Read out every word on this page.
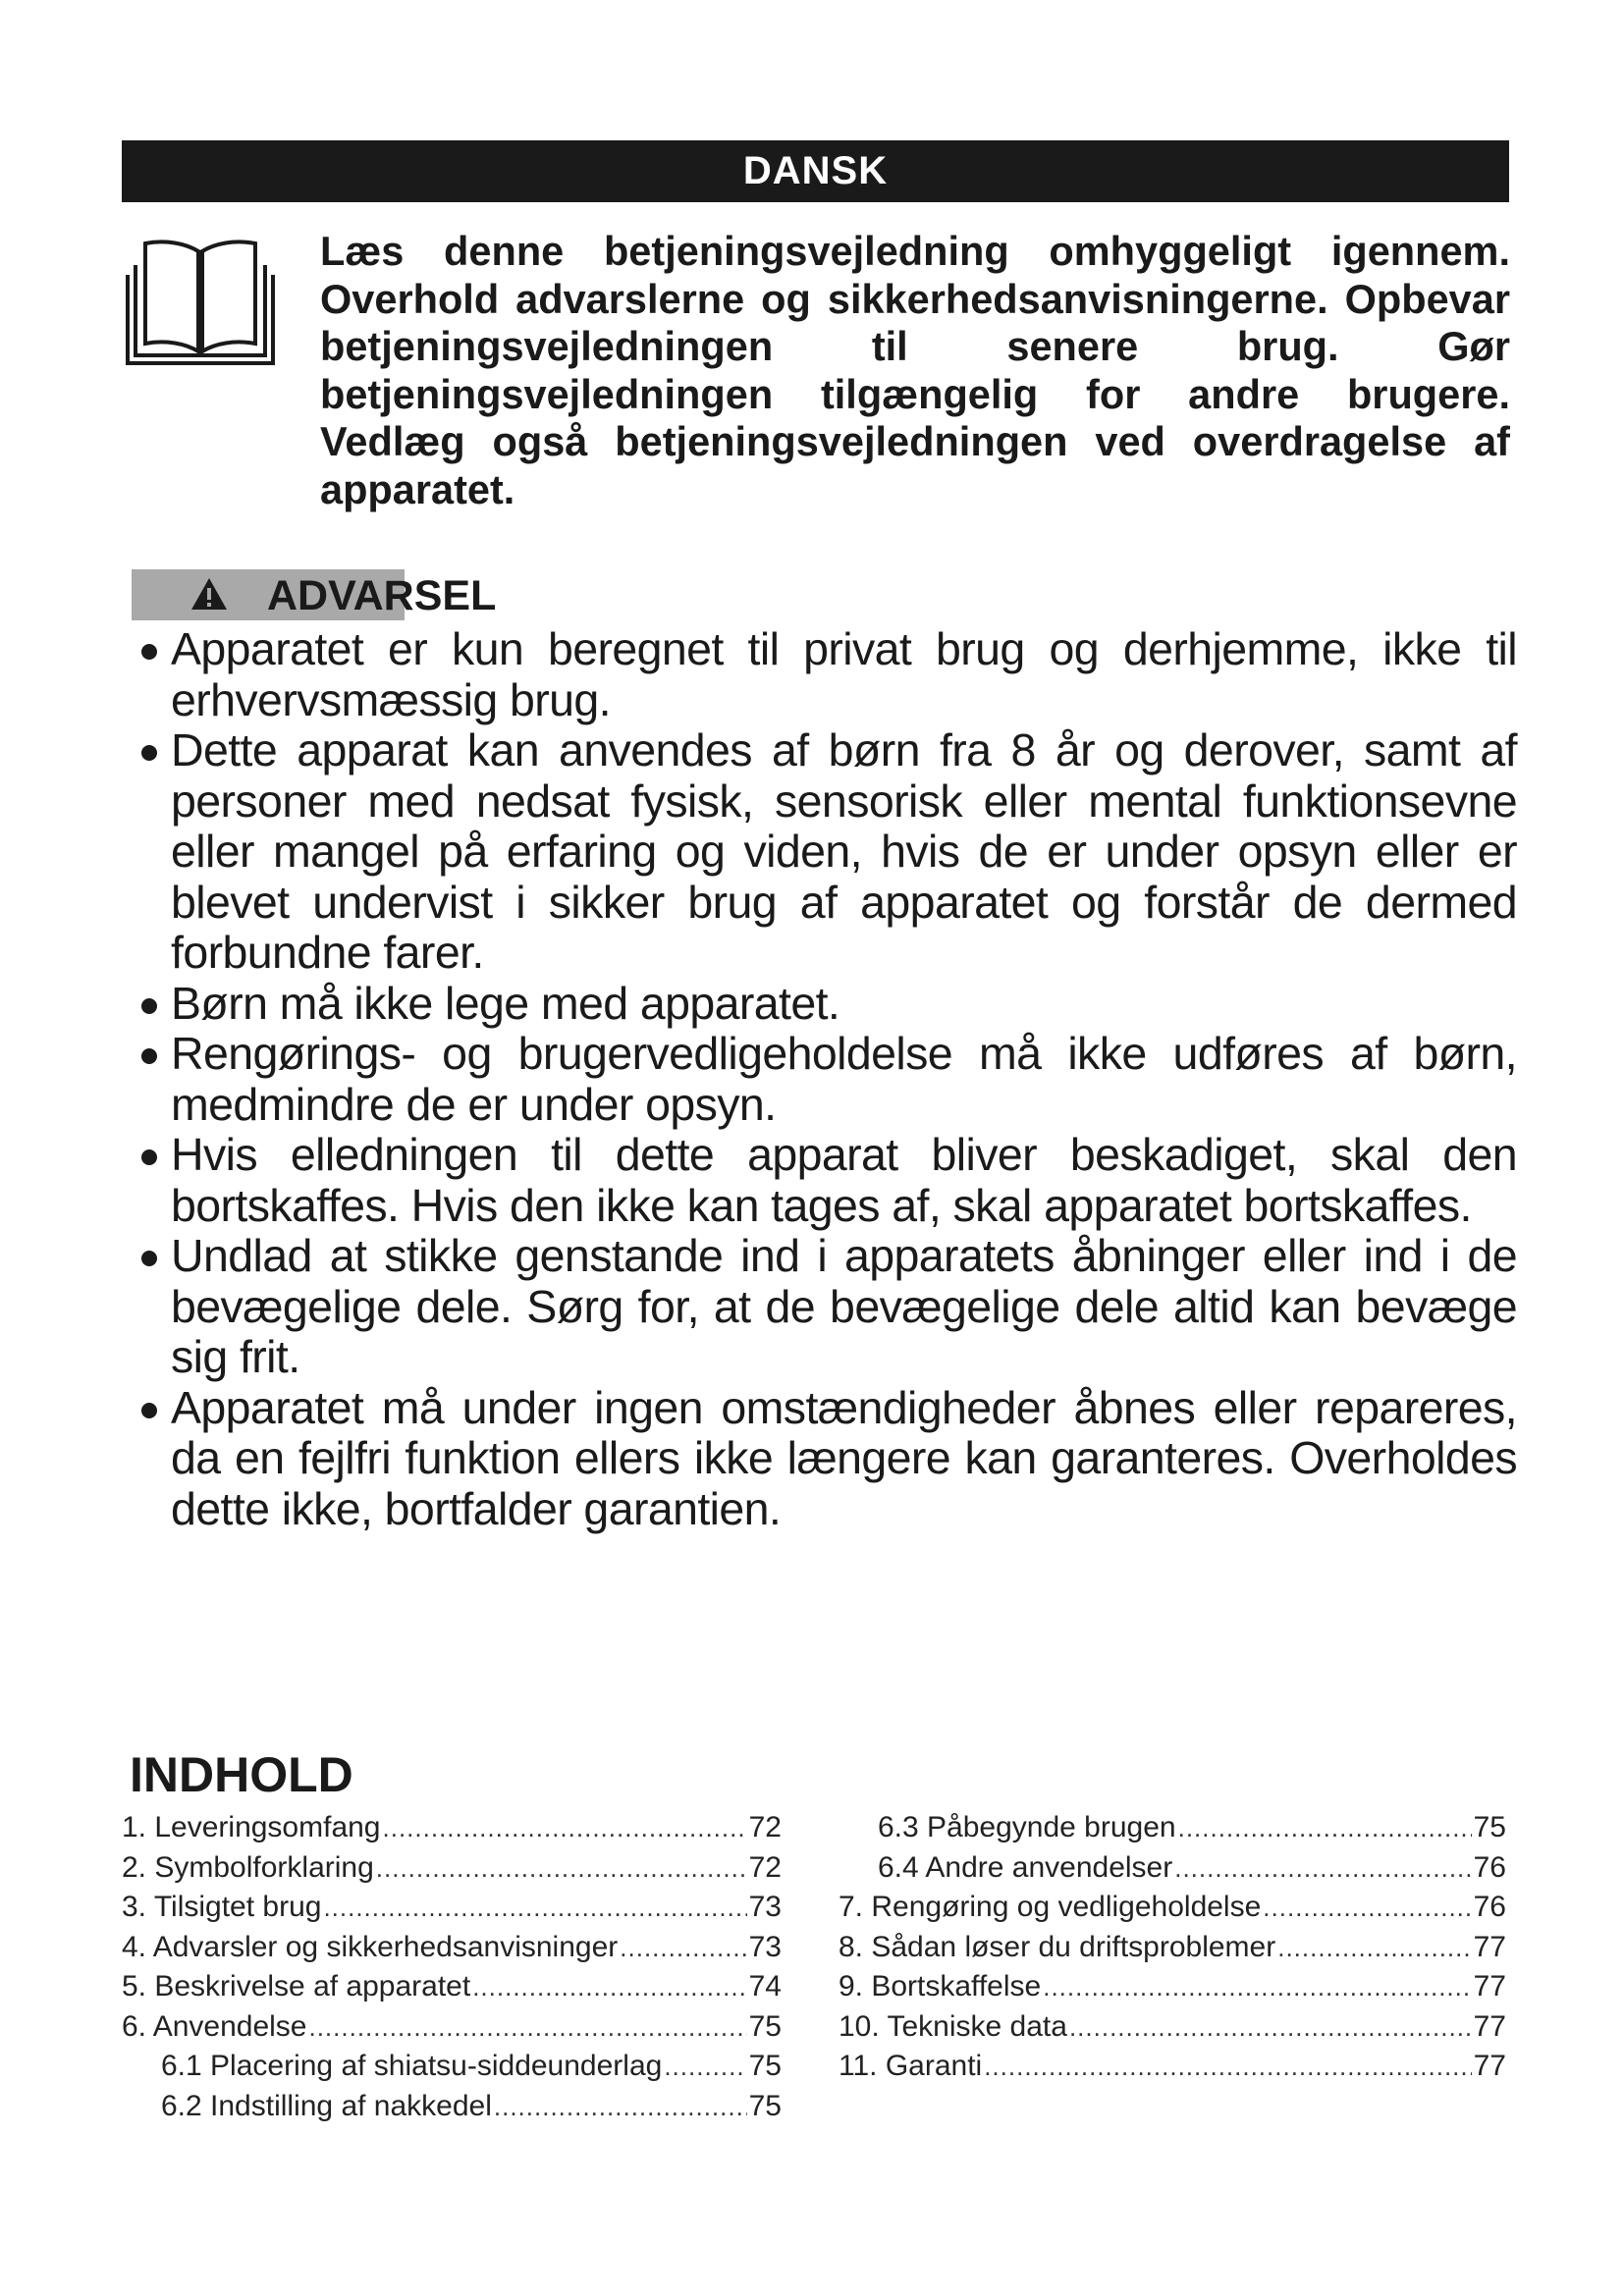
DANSK
Læs denne betjeningsvejledning omhyggeligt igennem. Overhold advarslerne og sikkerhedsanvisningerne. Opbevar betjeningsvejledningen til senere brug. Gør betjeningsvejledningen tilgængelig for andre brugere. Vedlæg også betjeningsvejledningen ved overdragelse af apparatet.
ADVARSEL
Apparatet er kun beregnet til privat brug og derhjemme, ikke til erhvervsmæssig brug.
Dette apparat kan anvendes af børn fra 8 år og derover, samt af personer med nedsat fysisk, sensorisk eller mental funktionsevne eller mangel på erfaring og viden, hvis de er under opsyn eller er blevet undervist i sikker brug af apparatet og forstår de dermed forbundne farer.
Børn må ikke lege med apparatet.
Rengørings- og brugervedligeholdelse må ikke udføres af børn, medmindre de er under opsyn.
Hvis elledningen til dette apparat bliver beskadiget, skal den bortskaffes. Hvis den ikke kan tages af, skal apparatet bortskaffes.
Undlad at stikke genstande ind i apparatets åbninger eller ind i de bevægelige dele. Sørg for, at de bevægelige dele altid kan bevæge sig frit.
Apparatet må under ingen omstændigheder åbnes eller repareres, da en fejlfri funktion ellers ikke længere kan garanteres. Overholdes dette ikke, bortfalder garantien.
INDHOLD
1. Leveringsomfang .....	72
2. Symbolforklaring .....	72
3. Tilsigtet brug .....	73
4. Advarsler og sikkerhedsanvisninger .....	73
5. Beskrivelse af apparatet .....	74
6. Anvendelse .....	75
6.1 Placering af shiatsu-siddeunderlag .....	75
6.2 Indstilling af nakkedel .....	75
6.3 Påbegynde brugen .....	75
6.4 Andre anvendelser .....	76
7. Rengøring og vedligeholdelse .....	76
8. Sådan løser du driftsproblemer .....	77
9. Bortskaffelse .....	77
10. Tekniske data .....	77
11. Garanti .....	77
